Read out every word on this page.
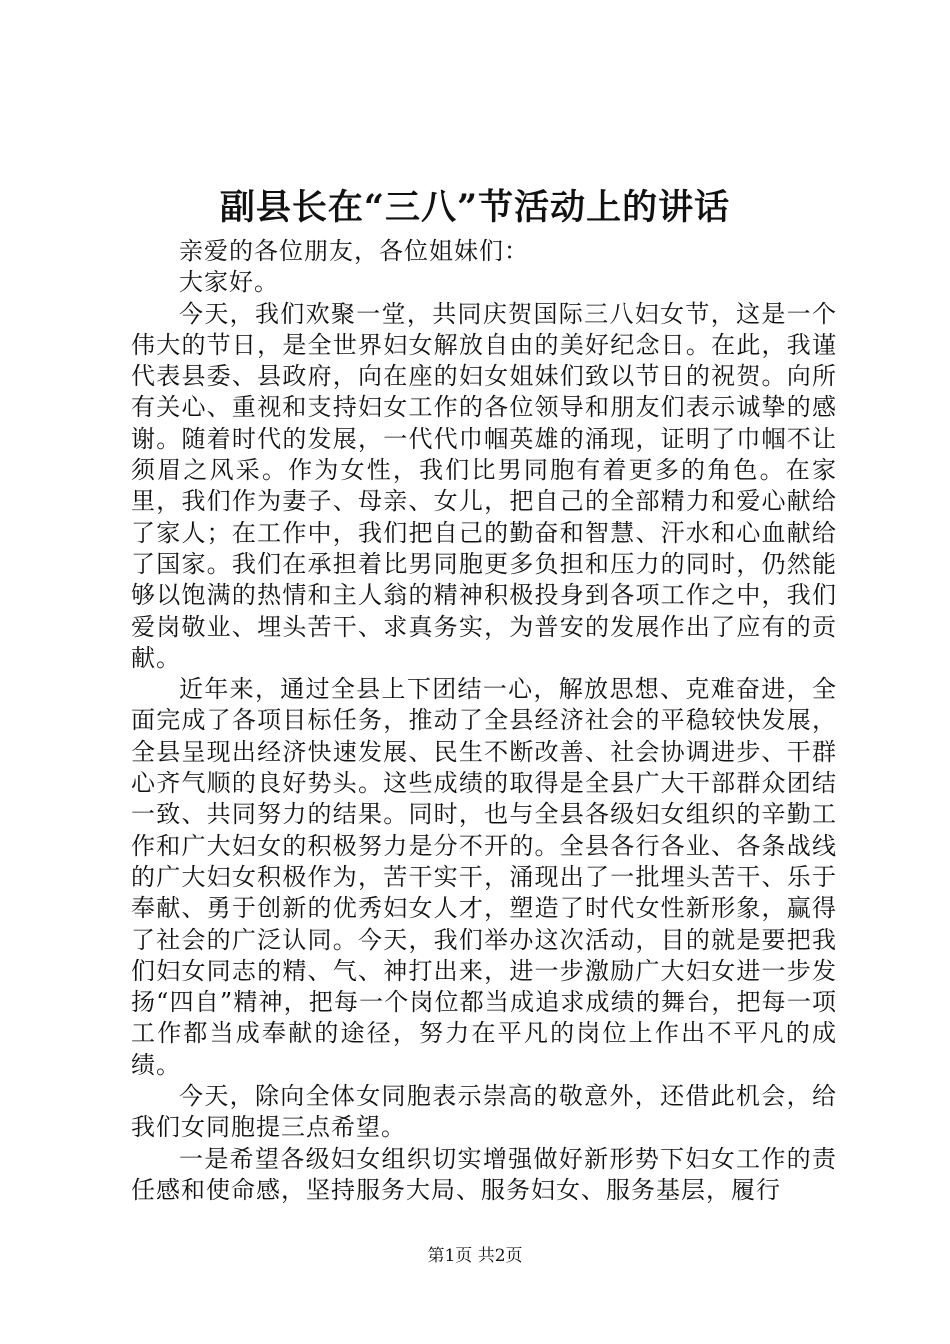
副县长在“三八”节活动上的讲话

亲爱的各位朋友，各位姐妹们：

大家好。

今天，我们欢聚一堂，共同庆贺国际三八妇女节，这是一个伟大的节日，是全世界妇女解放自由的美好纪念日。在此，我谨代表县委、县政府，向在座的妇女姐妹们致以节日的祝贺。向所有关心、重视和支持妇女工作的各位领导和朋友们表示诚挚的感谢。随着时代的发展，一代代巾帼英雄的涌现，证明了巾帼不让须眉之风采。作为女性，我们比男同胞有着更多的角色。在家里，我们作为妻子、母亲、女儿，把自己的全部精力和爱心献给了家人；在工作中，我们把自己的勤奋和智慧、汗水和心血献给了国家。我们在承担着比男同胞更多负担和压力的同时，仍然能够以饱满的热情和主人翁的精神积极投身到各项工作之中，我们爱岗敬业、埋头苦干、求真务实，为普安的发展作出了应有的贡献。

近年来，通过全县上下团结一心，解放思想、克难奋进，全面完成了各项目标任务，推动了全县经济社会的平稳较快发展，全县呈现出经济快速发展、民生不断改善、社会协调进步、干群心齐气顺的良好势头。这些成绩的取得是全县广大干部群众团结一致、共同努力的结果。同时，也与全县各级妇女组织的辛勤工作和广大妇女的积极努力是分不开的。全县各行各业、各条战线的广大妇女积极作为，苦干实干，涌现出了一批埋头苦干、乐于奉献、勇于创新的优秀妇女人才，塑造了时代女性新形象，赢得了社会的广泛认同。今天，我们举办这次活动，目的就是要把我们妇女同志的精、气、神打出来，进一步激励广大妇女进一步发扬“四自”精神，把每一个岗位都当成追求成绩的舞台，把每一项工作都当成奉献的途径，努力在平凡的岗位上作出不平凡的成绩。

今天，除向全体女同胞表示崇高的敬意外，还借此机会，给我们女同胞提三点希望。

一是希望各级妇女组织切实增强做好新形势下妇女工作的责任感和使命感，坚持服务大局、服务妇女、服务基层，履行

第1页 共2页
